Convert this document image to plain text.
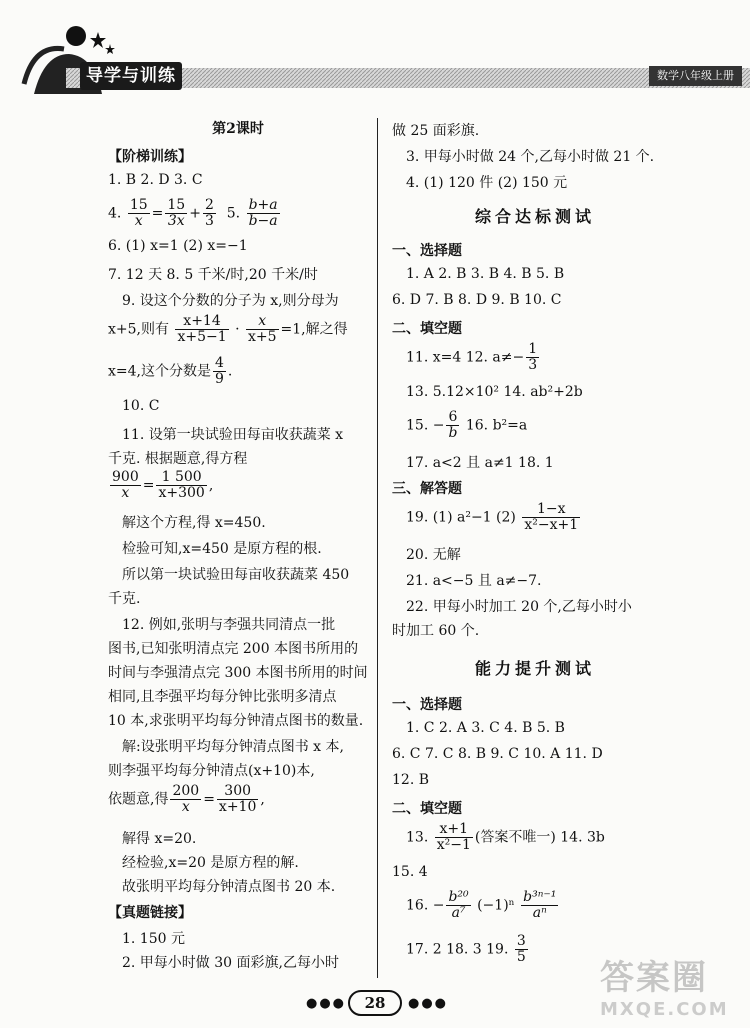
导学与训练	数学八年级上册
第2课时
【阶梯训练】
1. B 2. D 3. C
4. $\frac{15}{x} = \frac{15}{3x} + \frac{2}{3} 5$. $\frac{b+a}{b-a}$
6. (1) x=1 (2) x=−1
7. 12 天 8. 5 千米/时,20 千米/时
9. 设这个分数的分子为 x,则分母为
x+5,则有 $\frac{x+14}{x+5-1} \cdot \frac{x}{x+5} =1$,解之得
x=4,这个分数是 $\frac{4}{9}$ .
10. C
11. 设第一块试验田每亩收获蔬菜 x
千克. 根据题意,得方程
$\frac{900}{x} = \frac{1 500}{x+300}$ ,
解这个方程,得 x=450.
检验可知,x=450 是原方程的根.
所以第一块试验田每亩收获蔬菜 450
千克.
12. 例如,张明与李强共同清点一批
图书,已知张明清点完 200 本图书所用的
时间与李强清点完 300 本图书所用的时间
相同,且李强平均每分钟比张明多清点
10 本,求张明平均每分钟清点图书的数量.
解:设张明平均每分钟清点图书 x 本,
则李强平均每分钟清点(x+10)本,
依题意,得 $\frac{200}{x} = \frac{300}{x+10}$ ,
解得 x=20.
经检验,x=20 是原方程的解.
故张明平均每分钟清点图书 20 本.
【真题链接】
1. 150 元
2. 甲每小时做 30 面彩旗,乙每小时
做 25 面彩旗.
3. 甲每小时做 24 个,乙每小时做 21 个.
4. (1) 120 件 (2) 150 元
综合达标测试
一、选择题
1. A 2. B 3. B 4. B 5. B
6. D 7. B 8. D 9. B 10. C
二、填空题
11. x=4 12. $a\ne- \frac{1}{3}$
13. 5.12×10² 14. ab²+2b
15. − $\frac{6}{b} 16$. b²=a
17. a<2 且 a≠1 18. 1
三、解答题
19. (1) a²−1 $(2) \frac{1-x}{\text{x²−x+1}}$
20. 无解
21. a<−5 且 a≠−7.
22. 甲每小时加工 20 个,乙每小时小
时加工 60 个.
能力提升测试
一、选择题
1. C 2. A 3. C 4. B 5. B
6. C 7. C 8. B 9. C 10. A 11. D
12. B
二、填空题
13. $\frac{x+1}{\text{x²−1}}$ (答案不唯一) 14. 3b
15. 4
16. − $\frac{\text{b²⁰}}{\text{a⁷}} (-1)^n \frac{\text{b³ⁿ⁻¹}}{\text{aⁿ}}$
17. 2 18. 3 19. $\frac{3}{5}$
●●●	28	●●●
答案圈
MXQE.COM
